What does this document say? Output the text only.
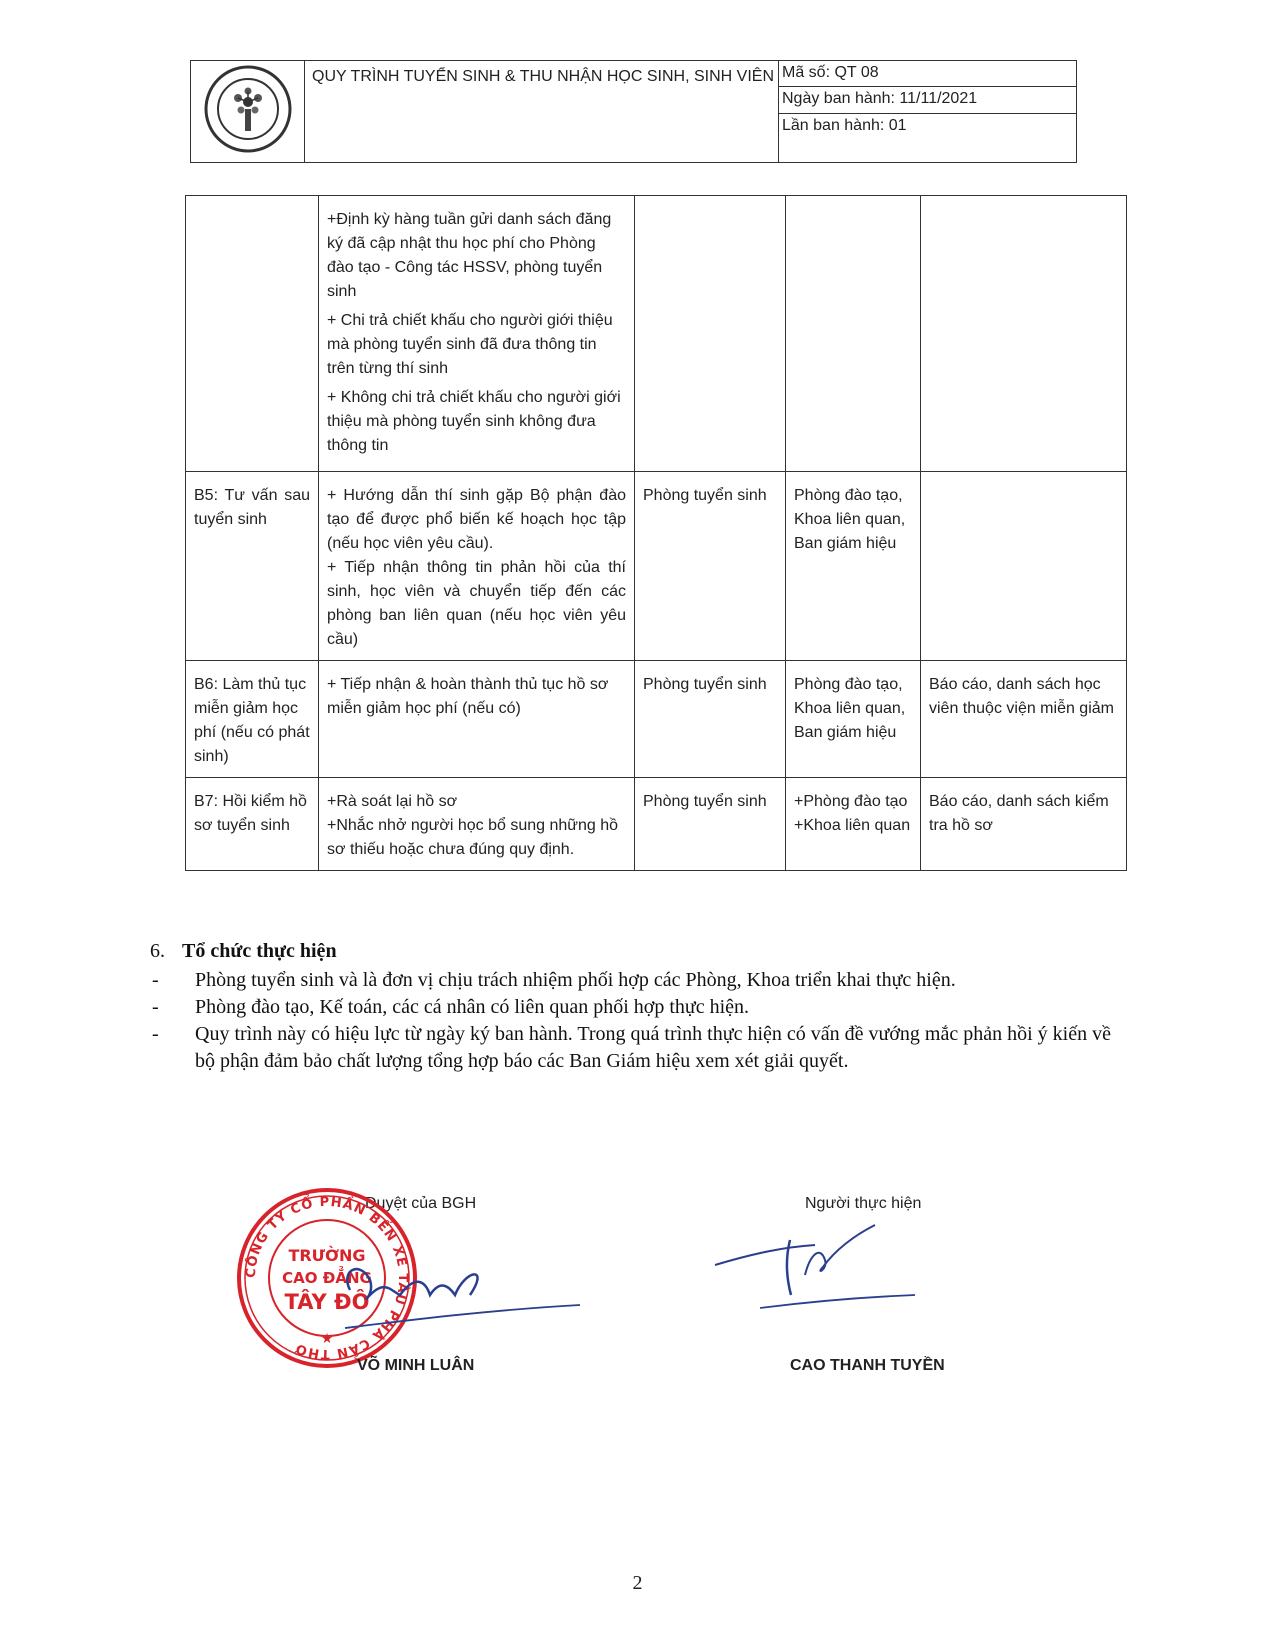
	QUY TRÌNH TUYỂN SINH & THU NHẬN HỌC SINH, SINH VIÊN	Mã số: QT 08
Ngày ban hành: 11/11/2021
Lần ban hành: 01

	+Định kỳ hàng tuần gửi danh sách đăng ký đã cập nhật thu học phí cho Phòng đào tạo - Công tác HSSV, phòng tuyển sinh

+ Chi trả chiết khấu cho người giới thiệu mà phòng tuyển sinh đã đưa thông tin trên từng thí sinh

+ Không chi trả chiết khấu cho người giới thiệu mà phòng tuyển sinh không đưa thông tin			

B5: Tư vấn sau tuyển sinh	+ Hướng dẫn thí sinh gặp Bộ phận đào tạo để được phổ biến kế hoạch học tập (nếu học viên yêu cầu).
+ Tiếp nhận thông tin phản hồi của thí sinh, học viên và chuyển tiếp đến các phòng ban liên quan (nếu học viên yêu cầu)	Phòng tuyển sinh	Phòng đào tạo, Khoa liên quan, Ban giám hiệu	
B6: Làm thủ tục miễn giảm học phí (nếu có phát sinh)	+ Tiếp nhận & hoàn thành thủ tục hồ sơ miễn giảm học phí (nếu có)	Phòng tuyển sinh	Phòng đào tạo, Khoa liên quan, Ban giám hiệu	Báo cáo, danh sách học viên thuộc viện miễn giảm
B7: Hồi kiểm hồ sơ tuyển sinh	+Rà soát lại hồ sơ
+Nhắc nhở người học bổ sung những hồ sơ thiếu hoặc chưa đúng quy định.	Phòng tuyển sinh	+Phòng đào tạo +Khoa liên quan	Báo cáo, danh sách kiểm tra hồ sơ
6. Tổ chức thực hiện
- Phòng tuyển sinh và là đơn vị chịu trách nhiệm phối hợp các Phòng, Khoa triển khai thực hiện.
- Phòng đào tạo, Kế toán, các cá nhân có liên quan phối hợp thực hiện.
- Quy trình này có hiệu lực từ ngày ký ban hành. Trong quá trình thực hiện có vấn đề vướng mắc phản hồi ý kiến về bộ phận đảm bảo chất lượng tổng hợp báo các Ban Giám hiệu xem xét giải quyết.
Duyệt của BGH	Người thực hiện
CÔNG TY CỔ PHẦN BẾN XE TÀU PHÀ CẦN THƠ
TRƯỜNG
CAO ĐẲNG
TÂY ĐÔ
★
VÕ MINH LUÂN	CAO THANH TUYỀN
2
